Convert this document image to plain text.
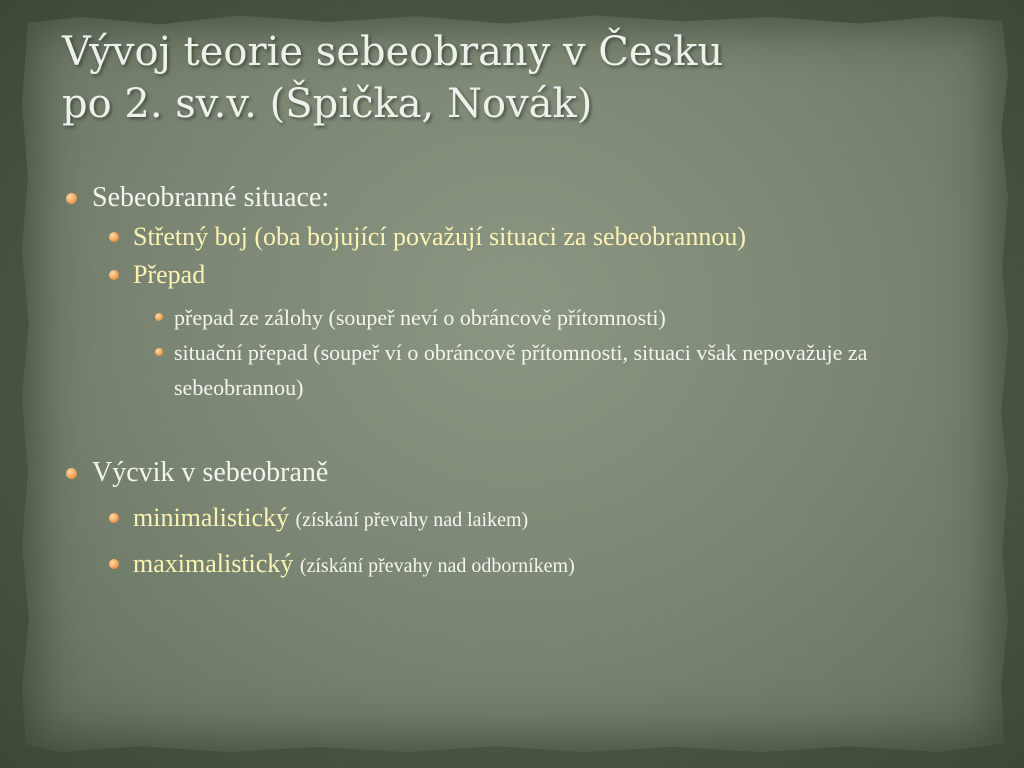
Vývoj teorie sebeobrany v Česku
po 2. sv.v. (Špička, Novák)
Sebeobranné situace:
Střetný boj (oba bojující považují situaci za sebeobrannou)
Přepad
přepad ze zálohy (soupeř neví o obráncově přítomnosti)
situační přepad (soupeř ví o obráncově přítomnosti, situaci však nepovažuje za sebeobrannou)
Výcvik v sebeobraně
minimalistický (získání převahy nad laikem)
maximalistický (získání převahy nad odborníkem)
